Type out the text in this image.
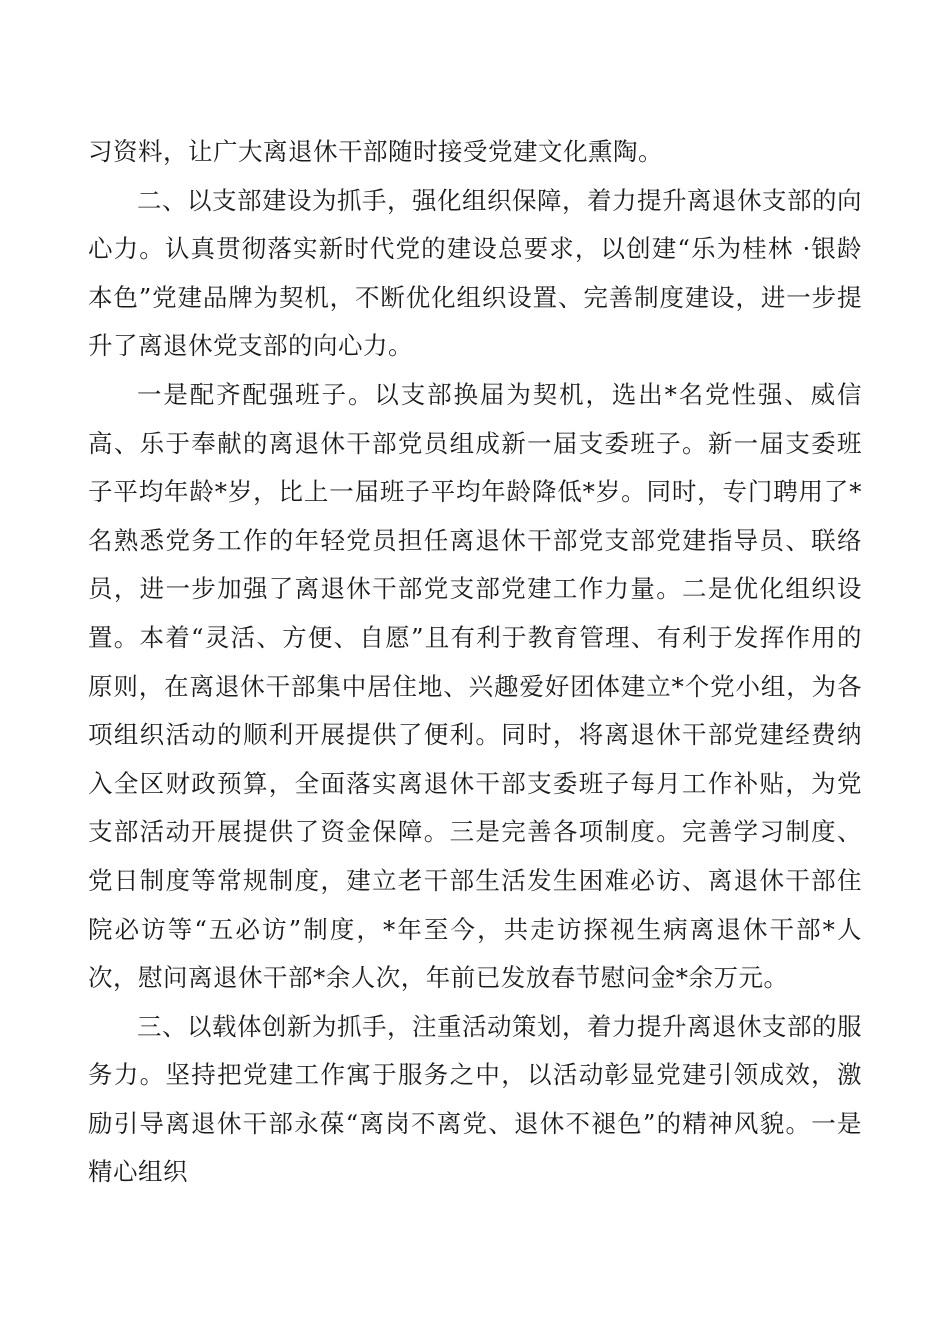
习资料，让广大离退休干部随时接受党建文化熏陶。

二、以支部建设为抓手，强化组织保障，着力提升离退休支部的向心力。认真贯彻落实新时代党的建设总要求，以创建“乐为桂林 ·银龄本色”党建品牌为契机，不断优化组织设置、完善制度建设，进一步提升了离退休党支部的向心力。

一是配齐配强班子。以支部换届为契机，选出*名党性强、威信高、乐于奉献的离退休干部党员组成新一届支委班子。新一届支委班子平均年龄*岁，比上一届班子平均年龄降低*岁。同时，专门聘用了*名熟悉党务工作的年轻党员担任离退休干部党支部党建指导员、联络员，进一步加强了离退休干部党支部党建工作力量。二是优化组织设置。本着“灵活、方便、自愿”且有利于教育管理、有利于发挥作用的原则，在离退休干部集中居住地、兴趣爱好团体建立*个党小组，为各项组织活动的顺利开展提供了便利。同时，将离退休干部党建经费纳入全区财政预算，全面落实离退休干部支委班子每月工作补贴，为党支部活动开展提供了资金保障。三是完善各项制度。完善学习制度、党日制度等常规制度，建立老干部生活发生困难必访、离退休干部住院必访等“五必访”制度，*年至今，共走访探视生病离退休干部*人次，慰问离退休干部*余人次，年前已发放春节慰问金*余万元。

三、以载体创新为抓手，注重活动策划，着力提升离退休支部的服务力。坚持把党建工作寓于服务之中，以活动彰显党建引领成效，激励引导离退休干部永葆“离岗不离党、退休不褪色”的精神风貌。一是精心组织
